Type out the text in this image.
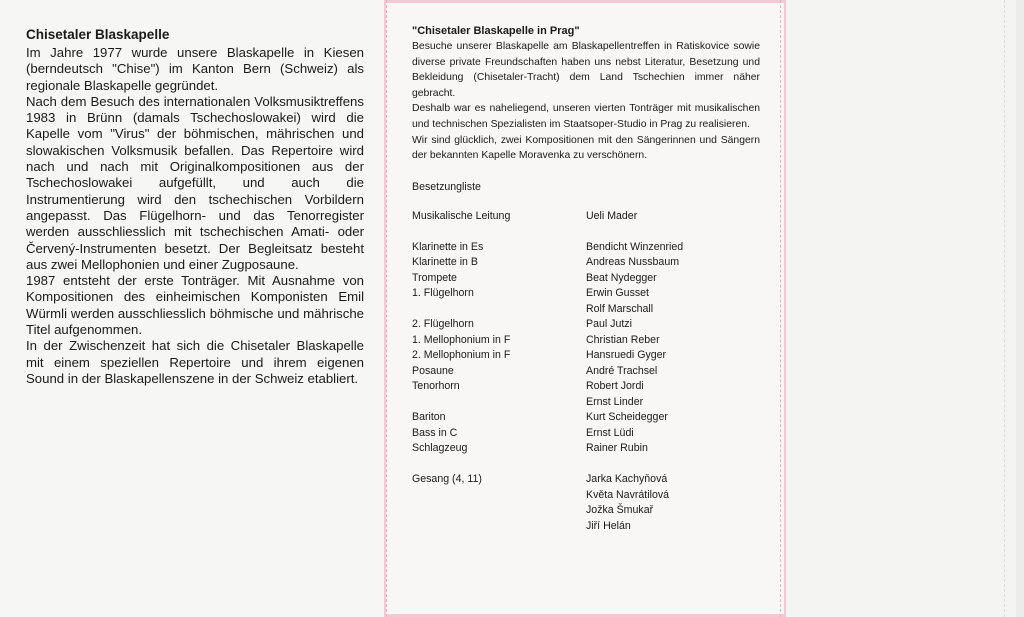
Chisetaler Blaskapelle

Im Jahre 1977 wurde unsere Blaskapelle in Kiesen (berndeutsch "Chise") im Kanton Bern (Schweiz) als regionale Blaskapelle gegründet.

Nach dem Besuch des internationalen Volksmusiktreffens 1983 in Brünn (damals Tschechoslowakei) wird die Kapelle vom "Virus" der böhmischen, mährischen und slowakischen Volksmusik befallen. Das Repertoire wird nach und nach mit Originalkompositionen aus der Tschechoslowakei aufgefüllt, und auch die Instrumentierung wird den tschechischen Vorbildern angepasst. Das Flügelhorn- und das Tenorregister werden ausschliesslich mit tschechischen Amati- oder Červený-Instrumenten besetzt. Der Begleitsatz besteht aus zwei Mellophonien und einer Zugposaune.

1987 entsteht der erste Tonträger. Mit Ausnahme von Kompositionen des einheimischen Komponisten Emil Würmli werden ausschliesslich böhmische und mährische Titel aufgenommen.

In der Zwischenzeit hat sich die Chisetaler Blaskapelle mit einem speziellen Repertoire und ihrem eigenen Sound in der Blaskapellenszene in der Schweiz etabliert.

"Chisetaler Blaskapelle in Prag"

Besuche unserer Blaskapelle am Blaskapellentreffen in Ratiskovice sowie diverse private Freundschaften haben uns nebst Literatur, Besetzung und Bekleidung (Chisetaler-Tracht) dem Land Tschechien immer näher gebracht.

Deshalb war es naheliegend, unseren vierten Tonträger mit musikalischen und technischen Spezialisten im Staatsoper-Studio in Prag zu realisieren.

Wir sind glücklich, zwei Kompositionen mit den Sängerinnen und Sängern der bekannten Kapelle Moravenka zu verschönern.

Besetzungliste
Musikalische Leitung	Ueli Mader
Klarinette in Es	Bendicht Winzenried
Klarinette in B	Andreas Nussbaum
Trompete	Beat Nydegger
1. Flügelhorn	Erwin Gusset
Rolf Marschall
2. Flügelhorn	Paul Jutzi
1. Mellophonium in F	Christian Reber
2. Mellophonium in F	Hansruedi Gyger
Posaune	André Trachsel
Tenorhorn	Robert Jordi
Ernst Linder
Bariton	Kurt Scheidegger
Bass in C	Ernst Lüdi
Schlagzeug	Rainer Rubin
Gesang (4, 11)	Jarka Kachyňová
Květa Navrátilová
Jožka Šmukař
Jiří Helán
